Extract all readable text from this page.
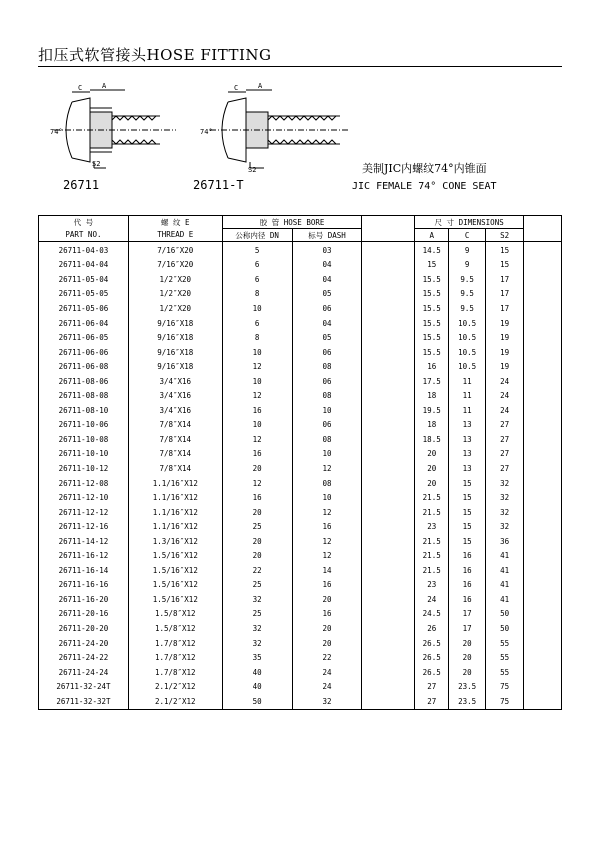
扣压式软管接头HOSE FITTING
C	A
74°
S2
C	A
74°
S2
26711	26711-T
美制JIC内螺纹74°内锥面
JIC FEMALE 74° CONE SEAT
代 号	螺 纹 E	胶 管 HOSE BORE			尺 寸 DIMENSIONS			
PART NO.	THREAD E	公称内径 DN	标号 DASH		A	C	S2	
26711-04-03	7/16″X20	5	03		14.5	9	15	
26711-04-04	7/16″X20	6	04		15	9	15	
26711-05-04	1/2″X20	6	04		15.5	9.5	17	
26711-05-05	1/2″X20	8	05		15.5	9.5	17	
26711-05-06	1/2″X20	10	06		15.5	9.5	17	
26711-06-04	9/16″X18	6	04		15.5	10.5	19	
26711-06-05	9/16″X18	8	05		15.5	10.5	19	
26711-06-06	9/16″X18	10	06		15.5	10.5	19	
26711-06-08	9/16″X18	12	08		16	10.5	19	
26711-08-06	3/4″X16	10	06		17.5	11	24	
26711-08-08	3/4″X16	12	08		18	11	24	
26711-08-10	3/4″X16	16	10		19.5	11	24	
26711-10-06	7/8″X14	10	06		18	13	27	
26711-10-08	7/8″X14	12	08		18.5	13	27	
26711-10-10	7/8″X14	16	10		20	13	27	
26711-10-12	7/8″X14	20	12		20	13	27	
26711-12-08	1.1/16″X12	12	08		20	15	32	
26711-12-10	1.1/16″X12	16	10		21.5	15	32	
26711-12-12	1.1/16″X12	20	12		21.5	15	32	
26711-12-16	1.1/16″X12	25	16		23	15	32	
26711-14-12	1.3/16″X12	20	12		21.5	15	36	
26711-16-12	1.5/16″X12	20	12		21.5	16	41	
26711-16-14	1.5/16″X12	22	14		21.5	16	41	
26711-16-16	1.5/16″X12	25	16		23	16	41	
26711-16-20	1.5/16″X12	32	20		24	16	41	
26711-20-16	1.5/8″X12	25	16		24.5	17	50	
26711-20-20	1.5/8″X12	32	20		26	17	50	
26711-24-20	1.7/8″X12	32	20		26.5	20	55	
26711-24-22	1.7/8″X12	35	22		26.5	20	55	
26711-24-24	1.7/8″X12	40	24		26.5	20	55	
26711-32-24T	2.1/2″X12	40	24		27	23.5	75	
26711-32-32T	2.1/2″X12	50	32		27	23.5	75	
